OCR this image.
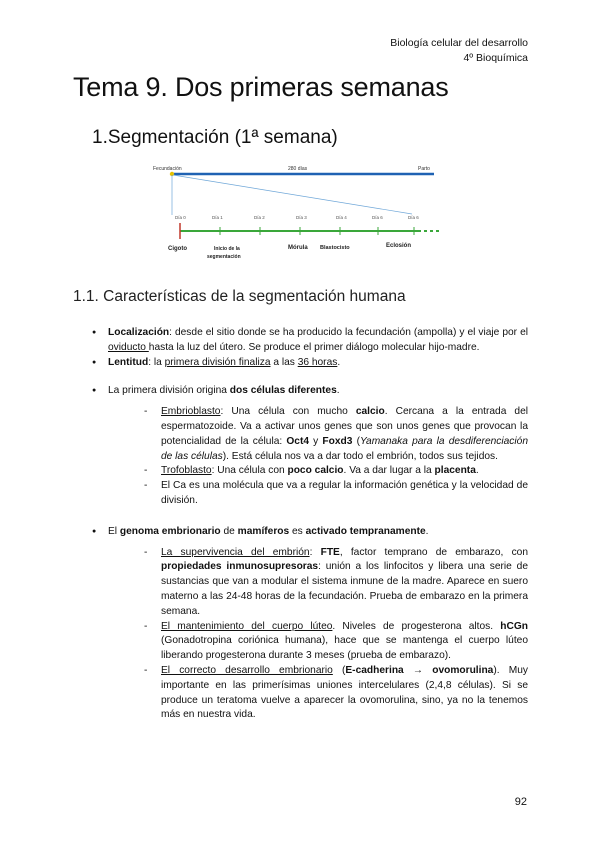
Biología celular del desarrollo
4º Bioquímica
Tema 9. Dos primeras semanas
1.Segmentación (1ª semana)
Fecundación	280 días	Parto
Día 0	Día 1	Día 2	Día 3	Día 4	Día 6	Día 6
Cigoto	Inicio de la
segmentación
Mórula Blastocisto	Eclosión
1.1. Características de la segmentación humana
● Localización: desde el sitio donde se ha producido la fecundación (ampolla) y el viaje por el oviducto hasta la luz del útero. Se produce el primer diálogo molecular hijo-madre.
● Lentitud: la primera división finaliza a las 36 horas.
● La primera división origina dos células diferentes.
- Embrioblasto: Una célula con mucho calcio. Cercana a la entrada del espermatozoide. Va a activar unos genes que son unos genes que provocan la potencialidad de la célula: Oct4 y Foxd3 (Yamanaka para la desdiferenciación de las células). Está célula nos va a dar todo el embrión, todos sus tejidos.
- Trofoblasto: Una célula con poco calcio. Va a dar lugar a la placenta.
- El Ca es una molécula que va a regular la información genética y la velocidad de división.
● El genoma embrionario de mamíferos es activado tempranamente.
- La supervivencia del embrión: FTE, factor temprano de embarazo, con propiedades inmunosupresoras: unión a los linfocitos y libera una serie de sustancias que van a modular el sistema inmune de la madre. Aparece en suero materno a las 24-48 horas de la fecundación. Prueba de embarazo en la primera semana.
- El mantenimiento del cuerpo lúteo. Niveles de progesterona altos. hCGn (Gonadotropina coriónica humana), hace que se mantenga el cuerpo lúteo liberando progesterona durante 3 meses (prueba de embarazo).
- El correcto desarrollo embrionario (E-cadherina → ovomorulina). Muy importante en las primerísimas uniones intercelulares (2,4,8 células). Si se produce un teratoma vuelve a aparecer la ovomorulina, sino, ya no la tenemos más en nuestra vida.
92
